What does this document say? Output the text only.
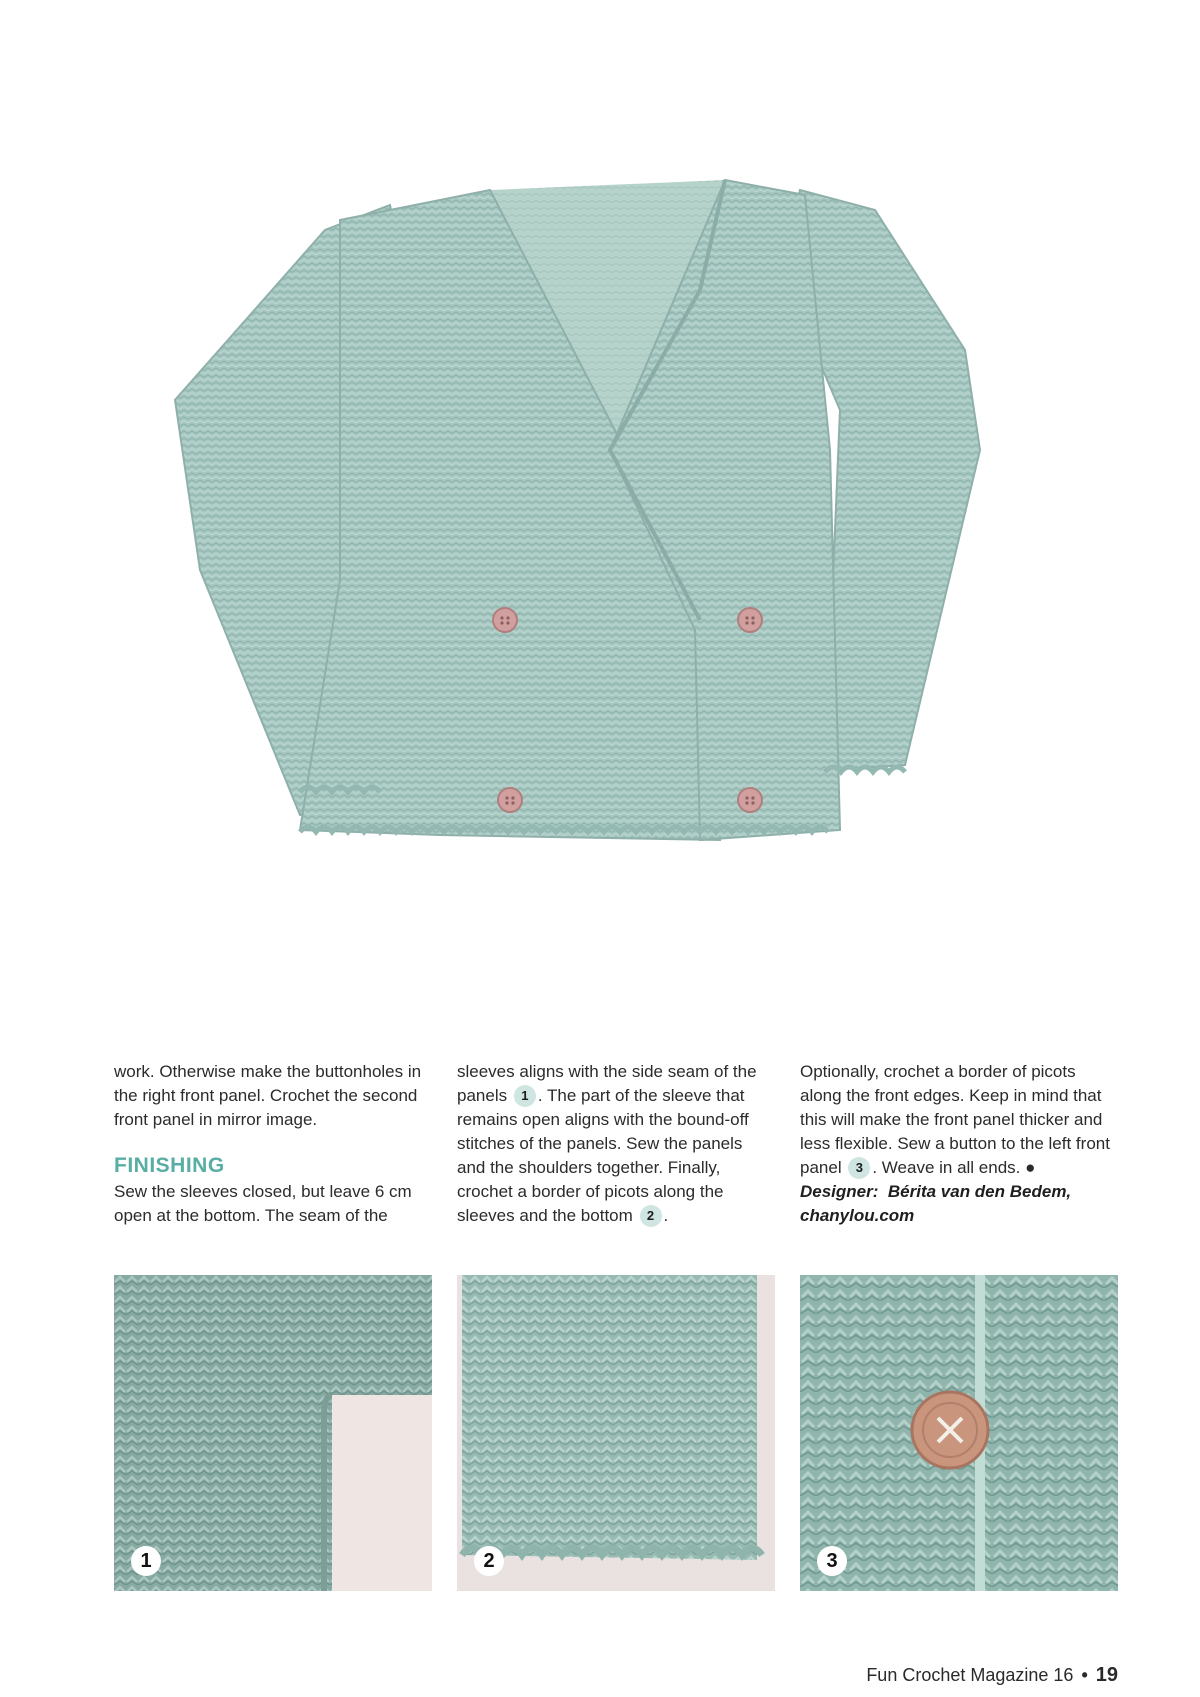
work. Otherwise make the buttonholes in the right front panel. Crochet the second front panel in mirror image.

FINISHING

Sew the sleeves closed, but leave 6 cm open at the bottom. The seam of the

sleeves aligns with the side seam of the panels 1 . The part of the sleeve that remains open aligns with the bound-off stitches of the panels. Sew the panels and the shoulders together. Finally, crochet a border of picots along the sleeves and the bottom 2 .

Optionally, crochet a border of picots along the front edges. Keep in mind that this will make the front panel thicker and less flexible. Sew a button to the left front panel 3 . Weave in all ends. ●

Designer: Bérita van den Bedem,
chanylou.com

1	2	3
Fun Crochet Magazine 16 • 19
